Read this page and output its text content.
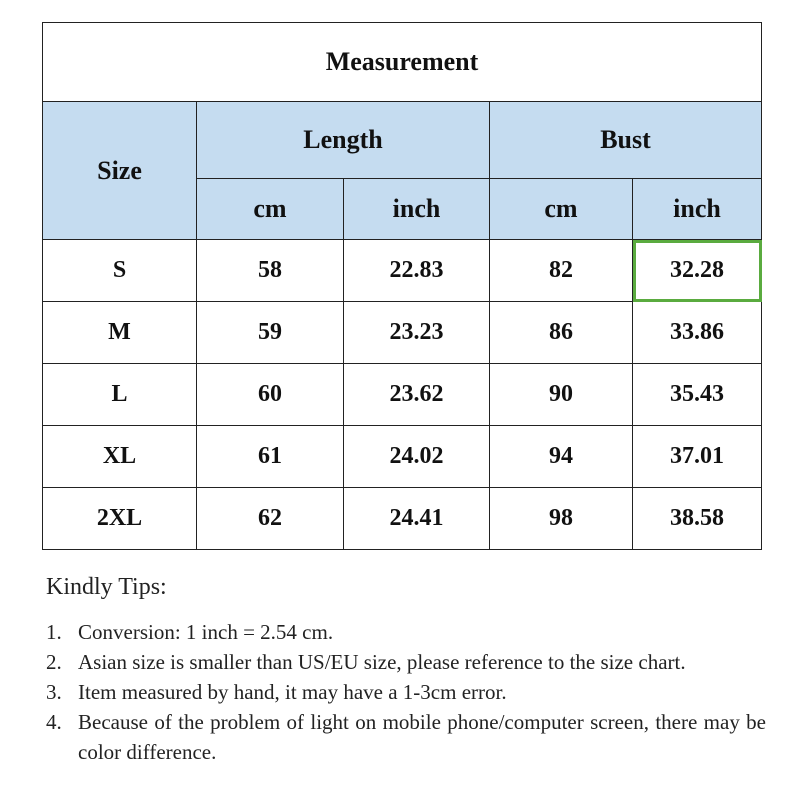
Measurement				
Size	Length		Bust	
	cm	inch	cm	inch
S	58	22.83	82	32.28
M	59	23.23	86	33.86
L	60	23.62	90	35.43
XL	61	24.02	94	37.01
2XL	62	24.41	98	38.58
Kindly Tips:
1. Conversion: 1 inch = 2.54 cm.
2. Asian size is smaller than US/EU size, please reference to the size chart.
3. Item measured by hand, it may have a 1-3cm error.
4. Because of the problem of light on mobile phone/computer screen, there may be color difference.
